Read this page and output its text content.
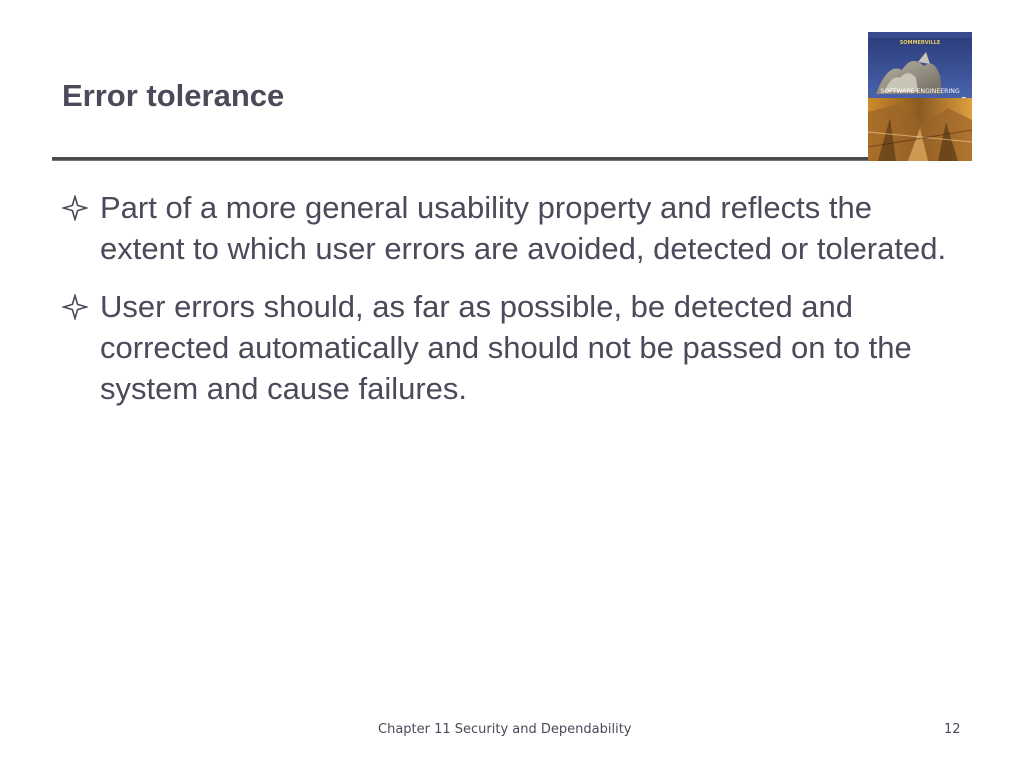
Error tolerance
SOMMERVILLE
SOFTWARE ENGINEERING
Part of a more general usability property and reflects the extent to which user errors are avoided, detected or tolerated.
User errors should, as far as possible, be detected and corrected automatically and should not be passed on to the system and cause failures.
Chapter 11 Security and Dependability	12
